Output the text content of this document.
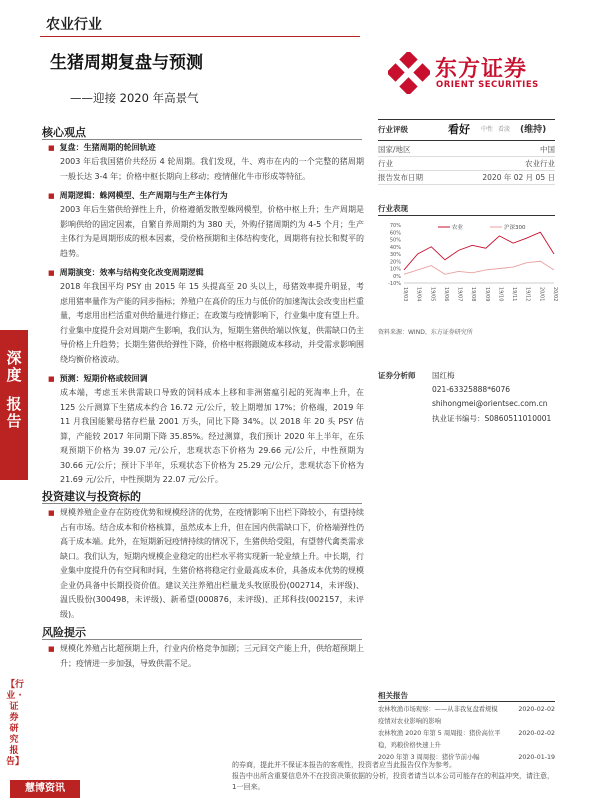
农业行业
生猪周期复盘与预测
——迎接 2020 年高景气
东方证券
ORIENT SECURITIES
深度
报告
【行业 · 证券研究报告】
核心观点
■ 复盘：生猪周期的轮回轨迹

2003 年后我国猪价共经历 4 轮周期。我们发现，牛、鸡市在内的一个完整的猪周期一般长达 3-4 年；价格中枢长期向上移动；疫情催化牛市形成等特征。

■ 周期逻辑：蛛网模型、生产周期与生产主体行为

2003 年后生猪供给弹性上升，价格遵循发散型蛛网模型，价格中枢上升；生产周期是影响供给的固定因素，自繁自养周期约为 380 天，外购仔猪周期约为 4-5 个月；生产主体行为是周期形成的根本因素，受价格预期和主体结构变化，周期将有拉长和熨平的趋势。

■ 周期演变：效率与结构变化改变周期逻辑

2018 年我国平均 PSY 由 2015 年 15 头提高至 20 头以上，母猪效率提升明显，考虑用猪率量作为产能的同步指标；养殖户在高价的压力与低价的加速淘汰会改变出栏重量，考虑用出栏活重对供给量进行修正；在政策与疫情影响下，行业集中度有望上升。行业集中度提升会对周期产生影响，我们认为，短期生猪供给端以恢复，供需缺口仍主导价格上升趋势；长期生猪供给弹性下降，价格中枢将跟随成本移动，并受需求影响围绕均衡价格波动。

■ 预测：短期价格或较回调

成本端，考虑玉米供需缺口导致的饲料成本上移和非洲猪瘟引起的死淘率上升，在 125 公斤测算下生猪成本约合 16.72 元/公斤，较上期增加 17%；价格端，2019 年 11 月我国能繁母猪存栏量 2001 万头，同比下降 34%。以 2018 年 20 头 PSY 估算，产能较 2017 年同期下降 35.85%。经过测算，我们预计 2020 年上半年，在乐观预期下价格为 39.07 元/公斤，悲观状态下价格为 29.66 元/公斤，中性预期为 30.66 元/公斤；预计下半年，乐观状态下价格为 25.29 元/公斤，悲观状态下价格为 21.69 元/公斤，中性预期为 22.07 元/公斤。

投资建议与投资标的
■ 规模养殖企业存在防疫优势和规模经济的优势，在疫情影响下出栏下降较小，有望持续占有市场。结合成本和价格核算，虽然成本上升，但在国内供需缺口下，价格端弹性仍高于成本端。此外，在短期新冠疫情持续的情况下，生猪供给受阻，有望替代禽类需求缺口。我们认为，短期内规模企业稳定的出栏水平将实现新一轮业绩上升。中长期，行业集中度提升仍有空间和时间，生猪价格将稳定行业最高成本价，具备成本优势的规模企业仍具备中长期投资价值。建议关注养殖出栏量龙头牧原股份(002714，未评级)、温氏股份(300498，未评级)、新希望(000876，未评级)、正邦科技(002157，未评级)。

风险提示
■ 规模化养殖占比超预期上升，行业内价格竞争加剧；三元回交产能上升，供给超预期上升；疫情进一步加强，导致供需不足。

行业评级	看好 中性 看淡 (维持)
国家/地区	中国
行业	农业行业
报告发布日期	2020 年 02 月 05 日
行业表现
70%
60%
50%
40%
30%
20%
10%
0%
-10%
农业	沪深300
19/03 19/04 19/05 19/06 19/07 19/08 19/09 19/10 19/11 19/12 20/01 20/02
资料来源：WIND、东方证券研究所
证券分析师 国红梅
021-63325888*6076
shihongmei@orientsec.com.cn
执业证书编号：S0860511010001
相关报告
农林牧渔市场观察：——从非我复盘看规模	2020-02-02
疫情对农业影响的影响
农林牧渔 2020 年第 5 周周报：猪价高位平	2020-02-02
稳，鸡粮价格快速上升
2020 年第 3 周周报：猪价节前小幅	2020-01-19
的券商，提此并不保证本报告的客观性，投资者应当此报告仅作为参考。
报告中出所含重要信息外不在投资决策依据的分析，投资者请当以本公司可能存在的利益冲突，请注意，
1一回来。
慧博资讯
